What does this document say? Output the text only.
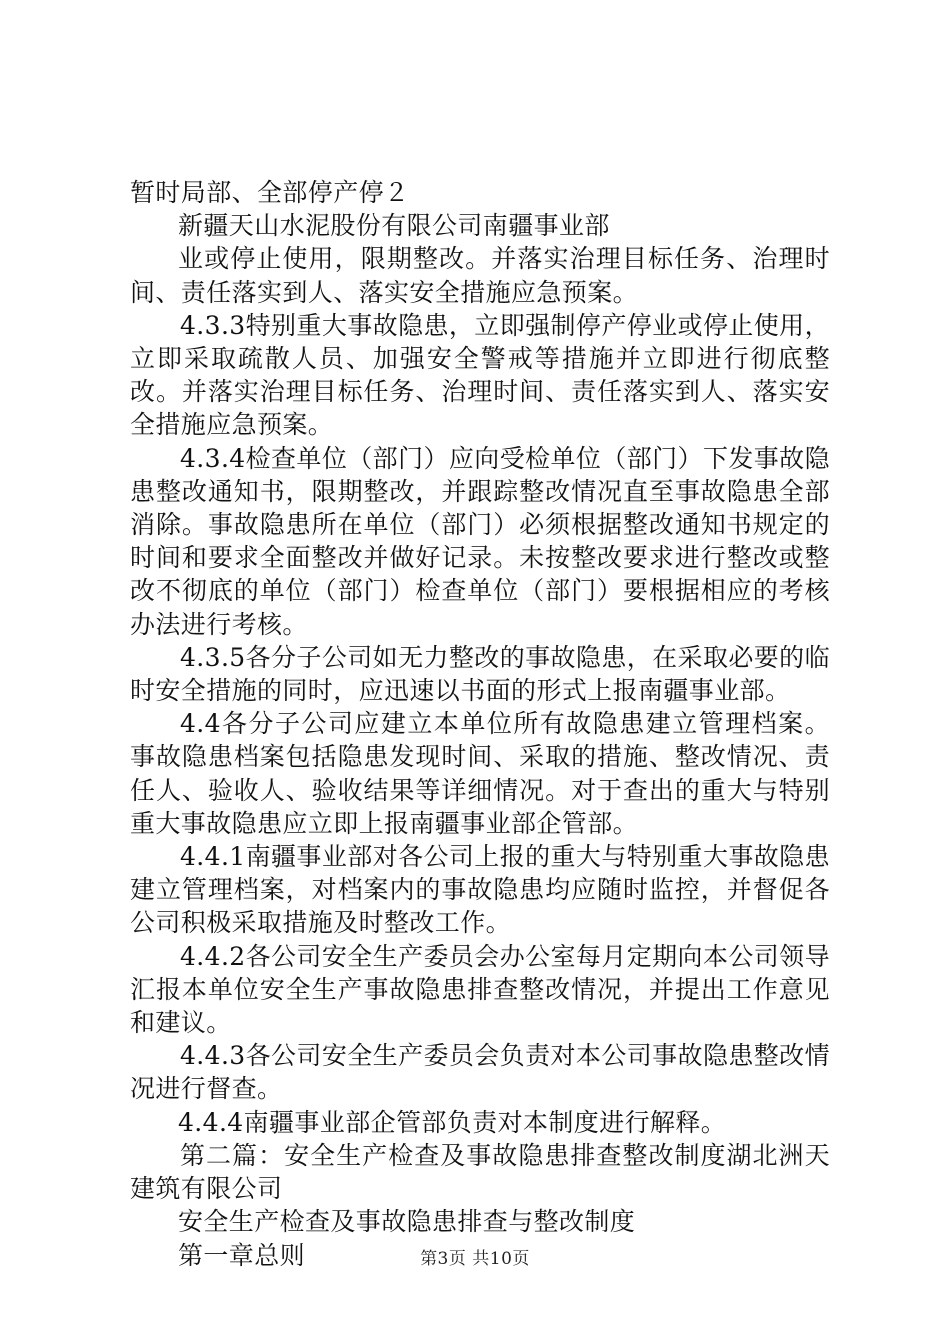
暂时局部、全部停产停２

新疆天山水泥股份有限公司南疆事业部

业或停止使用，限期整改。并落实治理目标任务、治理时间、责任落实到人、落实安全措施应急预案。

4.3.3特别重大事故隐患，立即强制停产停业或停止使用，立即采取疏散人员、加强安全警戒等措施并立即进行彻底整改。并落实治理目标任务、治理时间、责任落实到人、落实安全措施应急预案。

4.3.4检查单位（部门）应向受检单位（部门）下发事故隐患整改通知书，限期整改，并跟踪整改情况直至事故隐患全部消除。事故隐患所在单位（部门）必须根据整改通知书规定的时间和要求全面整改并做好记录。未按整改要求进行整改或整改不彻底的单位（部门）检查单位（部门）要根据相应的考核办法进行考核。

4.3.5各分子公司如无力整改的事故隐患，在采取必要的临时安全措施的同时，应迅速以书面的形式上报南疆事业部。

4.4各分子公司应建立本单位所有故隐患建立管理档案。事故隐患档案包括隐患发现时间、采取的措施、整改情况、责任人、验收人、验收结果等详细情况。对于查出的重大与特别重大事故隐患应立即上报南疆事业部企管部。

4.4.1南疆事业部对各公司上报的重大与特别重大事故隐患建立管理档案，对档案内的事故隐患均应随时监控，并督促各公司积极采取措施及时整改工作。

4.4.2各公司安全生产委员会办公室每月定期向本公司领导汇报本单位安全生产事故隐患排查整改情况，并提出工作意见和建议。

4.4.3各公司安全生产委员会负责对本公司事故隐患整改情况进行督查。

4.4.4南疆事业部企管部负责对本制度进行解释。

第二篇：安全生产检查及事故隐患排查整改制度湖北洲天建筑有限公司

安全生产检查及事故隐患排查与整改制度

第一章总则	第3页 共10页
